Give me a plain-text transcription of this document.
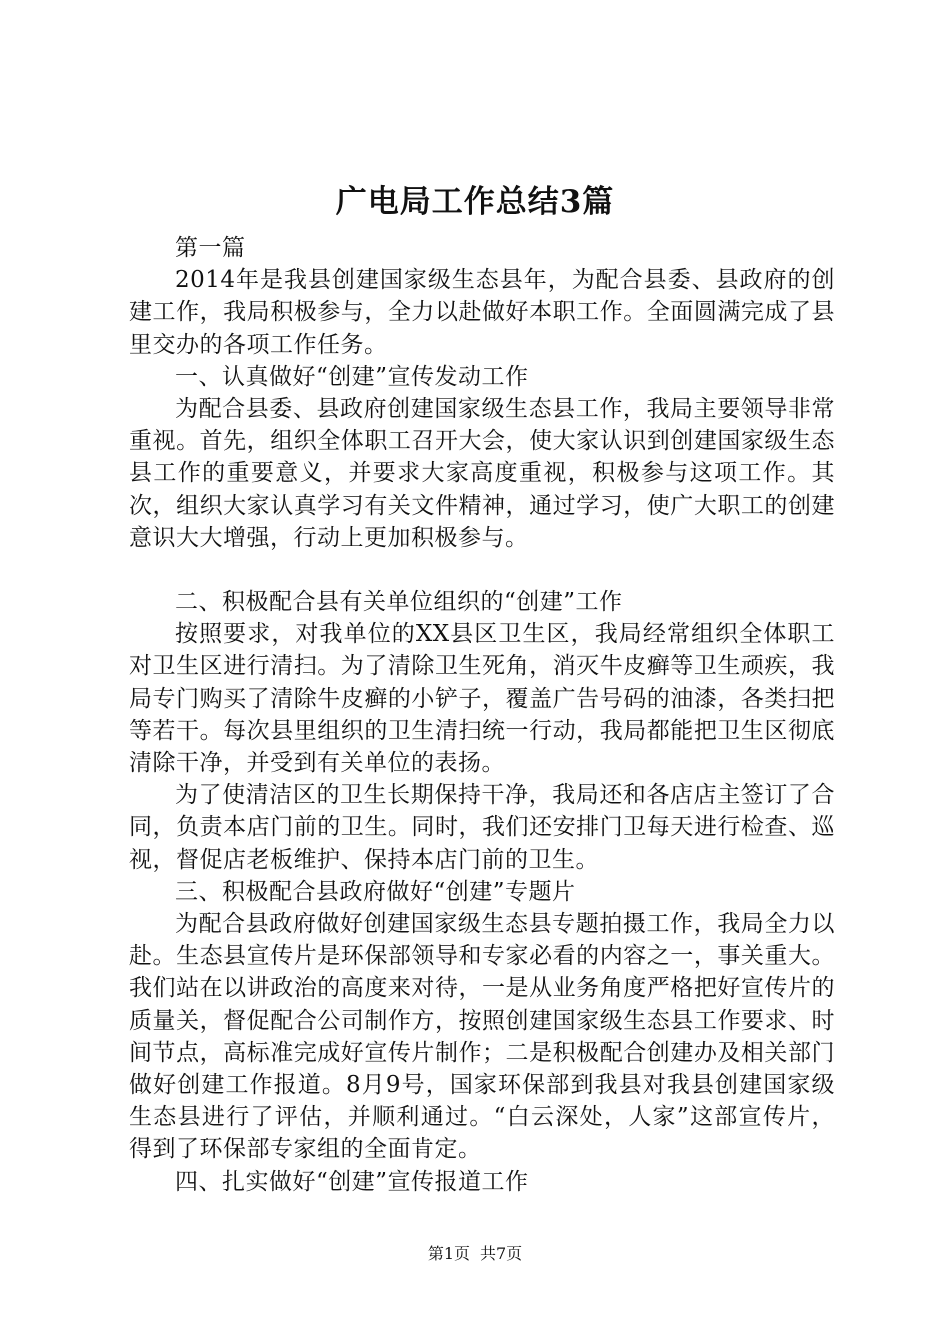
广电局工作总结3篇

第一篇

2014年是我县创建国家级生态县年，为配合县委、县政府的创建工作，我局积极参与，全力以赴做好本职工作。全面圆满完成了县里交办的各项工作任务。

一、认真做好“创建”宣传发动工作

为配合县委、县政府创建国家级生态县工作，我局主要领导非常重视。首先，组织全体职工召开大会，使大家认识到创建国家级生态县工作的重要意义，并要求大家高度重视，积极参与这项工作。其次，组织大家认真学习有关文件精神，通过学习，使广大职工的创建意识大大增强，行动上更加积极参与。

二、积极配合县有关单位组织的“创建”工作

按照要求，对我单位的XX县区卫生区，我局经常组织全体职工对卫生区进行清扫。为了清除卫生死角，消灭牛皮癣等卫生顽疾，我局专门购买了清除牛皮癣的小铲子，覆盖广告号码的油漆，各类扫把等若干。每次县里组织的卫生清扫统一行动，我局都能把卫生区彻底清除干净，并受到有关单位的表扬。

为了使清洁区的卫生长期保持干净，我局还和各店店主签订了合同，负责本店门前的卫生。同时，我们还安排门卫每天进行检查、巡视，督促店老板维护、保持本店门前的卫生。

三、积极配合县政府做好“创建”专题片

为配合县政府做好创建国家级生态县专题拍摄工作，我局全力以赴。生态县宣传片是环保部领导和专家必看的内容之一，事关重大。我们站在以讲政治的高度来对待，一是从业务角度严格把好宣传片的质量关，督促配合公司制作方，按照创建国家级生态县工作要求、时间节点，高标准完成好宣传片制作；二是积极配合创建办及相关部门做好创建工作报道。8月9号，国家环保部到我县对我县创建国家级生态县进行了评估，并顺利通过。“白云深处，人家”这部宣传片，得到了环保部专家组的全面肯定。

四、扎实做好“创建”宣传报道工作

第1页 共7页
